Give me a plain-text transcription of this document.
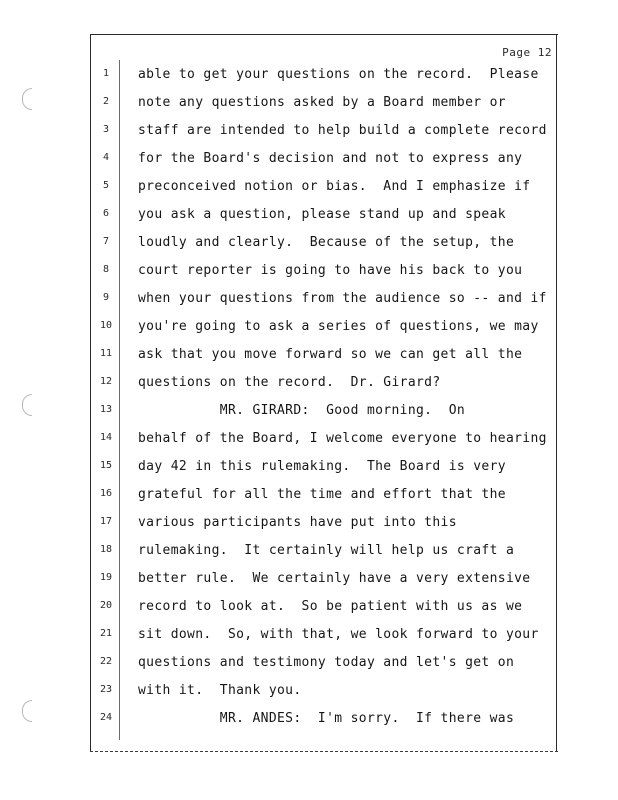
Page 12
1	able to get your questions on the record.  Please
2	note any questions asked by a Board member or
3	staff are intended to help build a complete record
4	for the Board's decision and not to express any
5	preconceived notion or bias.  And I emphasize if
6	you ask a question, please stand up and speak
7	loudly and clearly.  Because of the setup, the
8	court reporter is going to have his back to you
9	when your questions from the audience so -- and if
10	you're going to ask a series of questions, we may
11	ask that you move forward so we can get all the
12	questions on the record.  Dr. Girard?
13	MR. GIRARD:  Good morning.  On
14	behalf of the Board, I welcome everyone to hearing
15	day 42 in this rulemaking.  The Board is very
16	grateful for all the time and effort that the
17	various participants have put into this
18	rulemaking.  It certainly will help us craft a
19	better rule.  We certainly have a very extensive
20	record to look at.  So be patient with us as we
21	sit down.  So, with that, we look forward to your
22	questions and testimony today and let's get on
23	with it.  Thank you.
24	MR. ANDES:  I'm sorry.  If there was
